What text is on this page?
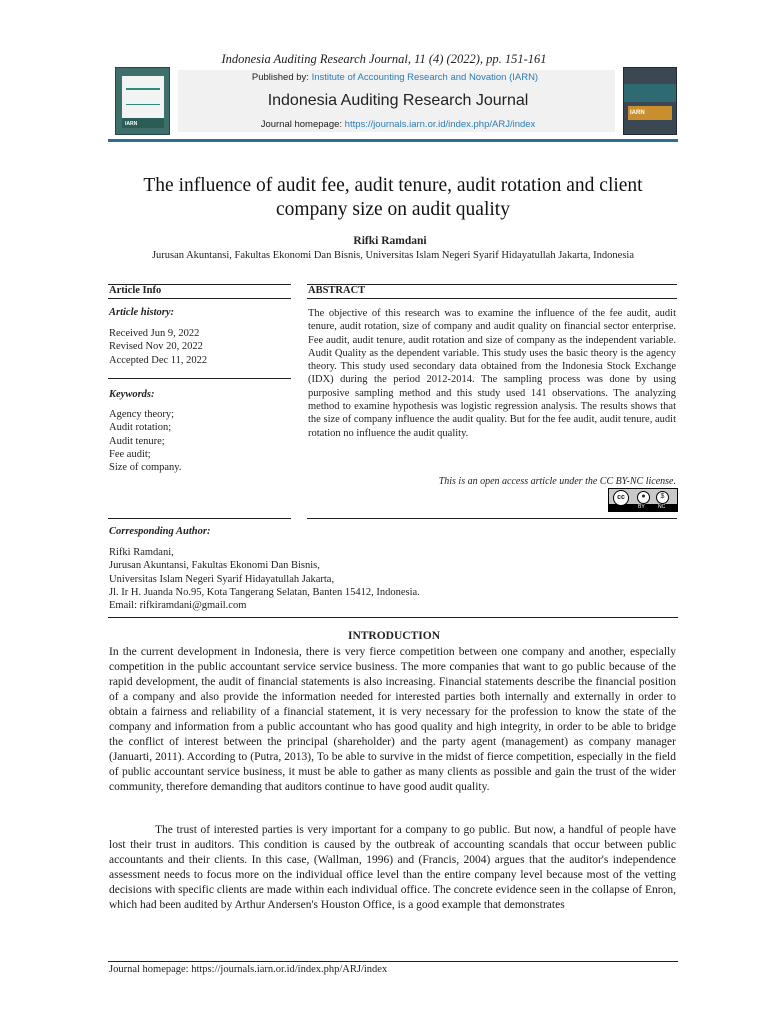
Indonesia Auditing Research Journal, 11 (4) (2022), pp. 151-161
IARN
Published by: Institute of Accounting Research and Novation (IARN)
Indonesia Auditing Research Journal
Journal homepage: https://journals.iarn.or.id/index.php/ARJ/index
IARN
The influence of audit fee, audit tenure, audit rotation and client company size on audit quality
Rifki Ramdani
Jurusan Akuntansi, Fakultas Ekonomi Dan Bisnis, Universitas Islam Negeri Syarif Hidayatullah Jakarta, Indonesia
Article Info	ABSTRACT
Article history:
Received Jun 9, 2022
Revised Nov 20, 2022
Accepted Dec 11, 2022
Keywords:
Agency theory;
Audit rotation;
Audit tenure;
Fee audit;
Size of company.
The objective of this research was to examine the influence of the fee audit, audit tenure, audit rotation, size of company and audit quality on financial sector enterprise. Fee audit, audit tenure, audit rotation and size of company as the independent variable. Audit Quality as the dependent variable. This study uses the basic theory is the agency theory. This study used secondary data obtained from the Indonesia Stock Exchange (IDX) during the period 2012-2014. The sampling process was done by using purposive sampling method and this study used 141 observations. The analyzing method to examine hypothesis was logistic regression analysis. The results shows that the size of company influence the audit quality. But for the fee audit, audit tenure, audit rotation no influence the audit quality.
This is an open access article under the CC BY-NC license.
cc	●	$
BY	NC
Corresponding Author:
Rifki Ramdani,
Jurusan Akuntansi, Fakultas Ekonomi Dan Bisnis,
Universitas Islam Negeri Syarif Hidayatullah Jakarta,
Jl. Ir H. Juanda No.95, Kota Tangerang Selatan, Banten 15412, Indonesia.
Email: rifkiramdani@gmail.com
INTRODUCTION
In the current development in Indonesia, there is very fierce competition between one company and another, especially competition in the public accountant service service business. The more companies that want to go public because of the rapid development, the audit of financial statements is also increasing. Financial statements describe the financial position of a company and also provide the information needed for interested parties both internally and externally in order to obtain a fairness and reliability of a financial statement, it is very necessary for the profession to know the state of the company and information from a public accountant who has good quality and high integrity, in order to be able to bridge the conflict of interest between the principal (shareholder) and the party agent (management) as company manager (Januarti, 2011). According to (Putra, 2013), To be able to survive in the midst of fierce competition, especially in the field of public accountant service business, it must be able to gather as many clients as possible and gain the trust of the wider community, therefore demanding that auditors continue to have good audit quality.
The trust of interested parties is very important for a company to go public. But now, a handful of people have lost their trust in auditors. This condition is caused by the outbreak of accounting scandals that occur between public accountants and their clients. In this case, (Wallman, 1996) and (Francis, 2004) argues that the auditor's independence assessment needs to focus more on the individual office level than the entire company level because most of the vetting decisions with specific clients are made within each individual office. The concrete evidence seen in the collapse of Enron, which had been audited by Arthur Andersen's Houston Office, is a good example that demonstrates
Journal homepage: https://journals.iarn.or.id/index.php/ARJ/index
